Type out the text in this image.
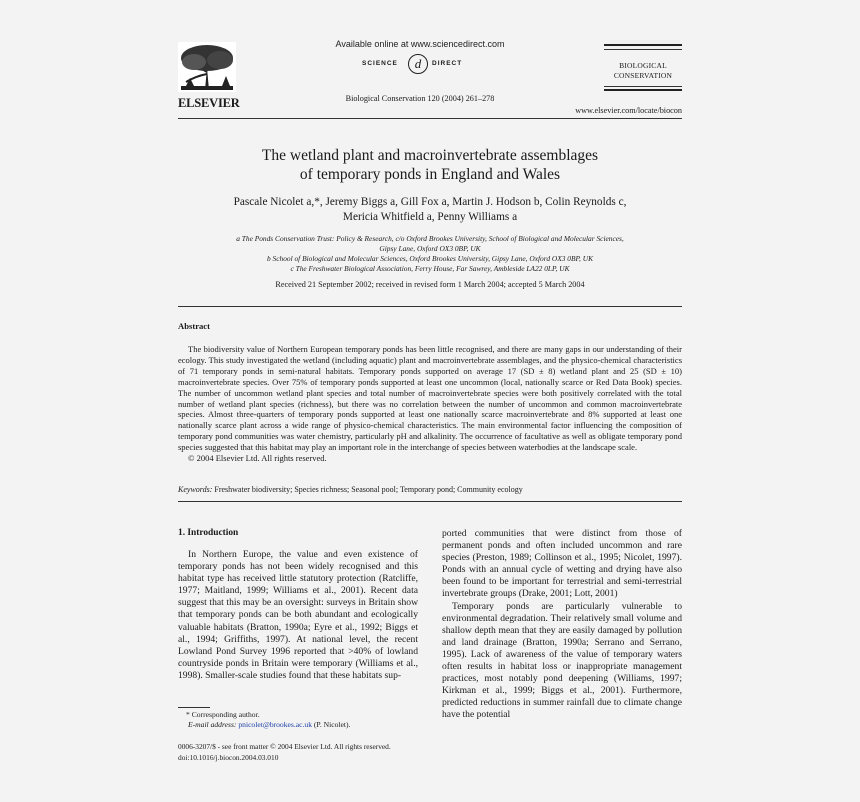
ELSEVIER
Available online at www.sciencedirect.com
SCIENCE	d	DIRECT
Biological Conservation 120 (2004) 261–278
BIOLOGICAL
CONSERVATION
www.elsevier.com/locate/biocon
The wetland plant and macroinvertebrate assemblages
of temporary ponds in England and Wales
Pascale Nicolet a,*, Jeremy Biggs a, Gill Fox a, Martin J. Hodson b, Colin Reynolds c,
Mericia Whitfield a, Penny Williams a
a The Ponds Conservation Trust: Policy & Research, c/o Oxford Brookes University, School of Biological and Molecular Sciences,
Gipsy Lane, Oxford OX3 0BP, UK
b School of Biological and Molecular Sciences, Oxford Brookes University, Gipsy Lane, Oxford OX3 0BP, UK
c The Freshwater Biological Association, Ferry House, Far Sawrey, Ambleside LA22 0LP, UK
Received 21 September 2002; received in revised form 1 March 2004; accepted 5 March 2004
Abstract

The biodiversity value of Northern European temporary ponds has been little recognised, and there are many gaps in our understanding of their ecology. This study investigated the wetland (including aquatic) plant and macroinvertebrate assemblages, and the physico-chemical characteristics of 71 temporary ponds in semi-natural habitats. Temporary ponds supported on average 17 (SD ± 8) wetland plant and 25 (SD ± 10) macroinvertebrate species. Over 75% of temporary ponds supported at least one uncommon (local, nationally scarce or Red Data Book) species. The number of uncommon wetland plant species and total number of macroinvertebrate species were both positively correlated with the total number of wetland plant species (richness), but there was no correlation between the number of uncommon and common macroinvertebrate species. Almost three-quarters of temporary ponds supported at least one nationally scarce macroinvertebrate and 8% supported at least one nationally scarce plant across a wide range of physico-chemical characteristics. The main environmental factor influencing the composition of temporary pond communities was water chemistry, particularly pH and alkalinity. The occurrence of facultative as well as obligate temporary pond species suggested that this habitat may play an important role in the interchange of species between waterbodies at the landscape scale.

© 2004 Elsevier Ltd. All rights reserved.

Keywords: Freshwater biodiversity; Species richness; Seasonal pool; Temporary pond; Community ecology
1. Introduction

In Northern Europe, the value and even existence of temporary ponds has not been widely recognised and this habitat type has received little statutory protection (Ratcliffe, 1977; Maitland, 1999; Williams et al., 2001). Recent data suggest that this may be an oversight: surveys in Britain show that temporary ponds can be both abundant and ecologically valuable habitats (Bratton, 1990a; Eyre et al., 1992; Biggs et al., 1994; Griffiths, 1997). At national level, the recent Lowland Pond Survey 1996 reported that >40% of lowland countryside ponds in Britain were temporary (Williams et al., 1998). Smaller-scale studies found that these habitats sup-

ported communities that were distinct from those of permanent ponds and often included uncommon and rare species (Preston, 1989; Collinson et al., 1995; Nicolet, 1997). Ponds with an annual cycle of wetting and drying have also been found to be important for terrestrial and semi-terrestrial invertebrate groups (Drake, 2001; Lott, 2001)

Temporary ponds are particularly vulnerable to environmental degradation. Their relatively small volume and shallow depth mean that they are easily damaged by pollution and land drainage (Bratton, 1990a; Serrano and Serrano, 1995). Lack of awareness of the value of temporary waters often results in habitat loss or inappropriate management practices, most notably pond deepening (Williams, 1997; Kirkman et al., 1999; Biggs et al., 2001). Furthermore, predicted reductions in summer rainfall due to climate change have the potential

* Corresponding author.
E-mail address: pnicolet@brookes.ac.uk (P. Nicolet).
0006-3207/$ - see front matter © 2004 Elsevier Ltd. All rights reserved.
doi:10.1016/j.biocon.2004.03.010
